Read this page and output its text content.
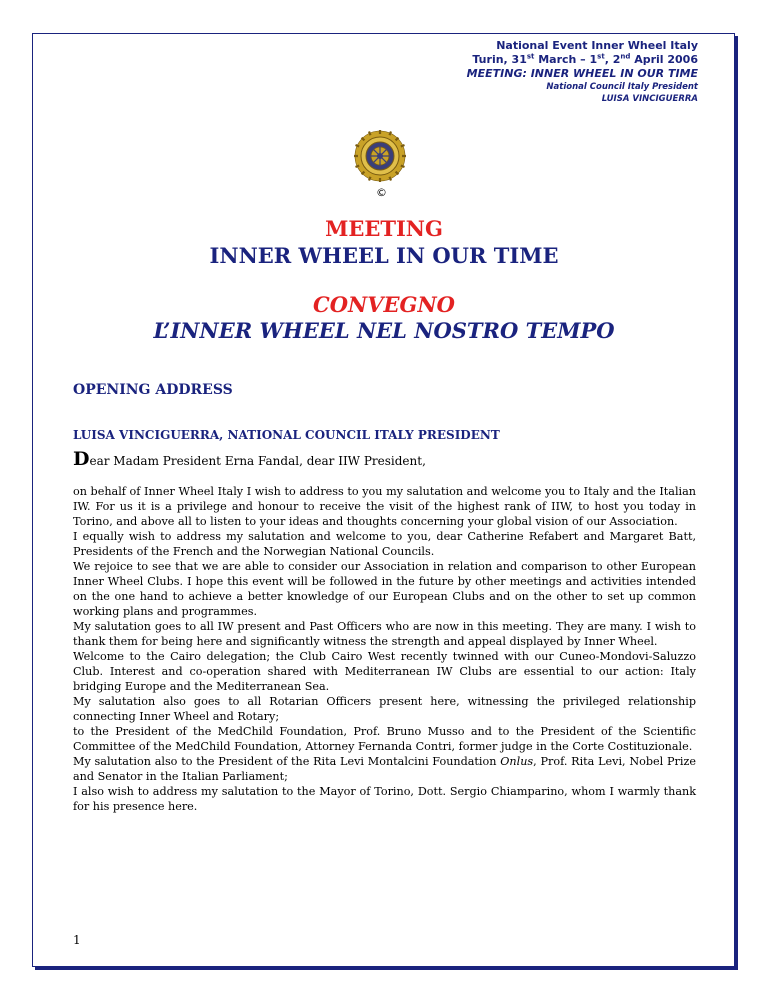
National Event Inner Wheel Italy
Turin, 31st March – 1st, 2nd April 2006
MEETING: INNER WHEEL IN OUR TIME
National Council Italy President
LUISA VINCIGUERRA
©
MEETING
INNER WHEEL IN OUR TIME
CONVEGNO
L’INNER WHEEL NEL NOSTRO TEMPO
OPENING ADDRESS
LUISA VINCIGUERRA, NATIONAL COUNCIL ITALY PRESIDENT
Dear Madam President Erna Fandal, dear IIW President,

on behalf of Inner Wheel Italy I wish to address to you my salutation and welcome you to Italy and the Italian IW. For us it is a privilege and honour to receive the visit of the highest rank of IIW, to host you today in Torino, and above all to listen to your ideas and thoughts concerning your global vision of our Association.

I equally wish to address my salutation and welcome to you, dear Catherine Refabert and Margaret Batt, Presidents of the French and the Norwegian National Councils.

We rejoice to see that we are able to consider our Association in relation and comparison to other European Inner Wheel Clubs. I hope this event will be followed in the future by other meetings and activities intended on the one hand to achieve a better knowledge of our European Clubs and on the other to set up common working plans and programmes.

My salutation goes to all IW present and Past Officers who are now in this meeting. They are many. I wish to thank them for being here and significantly witness the strength and appeal displayed by Inner Wheel.

Welcome to the Cairo delegation; the Club Cairo West recently twinned with our Cuneo-Mondovi-Saluzzo Club. Interest and co-operation shared with Mediterranean IW Clubs are essential to our action: Italy bridging Europe and the Mediterranean Sea.

My salutation also goes to all Rotarian Officers present here, witnessing the privileged relationship connecting Inner Wheel and Rotary;

to the President of the MedChild Foundation, Prof. Bruno Musso and to the President of the Scientific Committee of the MedChild Foundation, Attorney Fernanda Contri, former judge in the Corte Costituzionale.

My salutation also to the President of the Rita Levi Montalcini Foundation Onlus, Prof. Rita Levi, Nobel Prize and Senator in the Italian Parliament;

I also wish to address my salutation to the Mayor of Torino, Dott. Sergio Chiamparino, whom I warmly thank for his presence here.

1
